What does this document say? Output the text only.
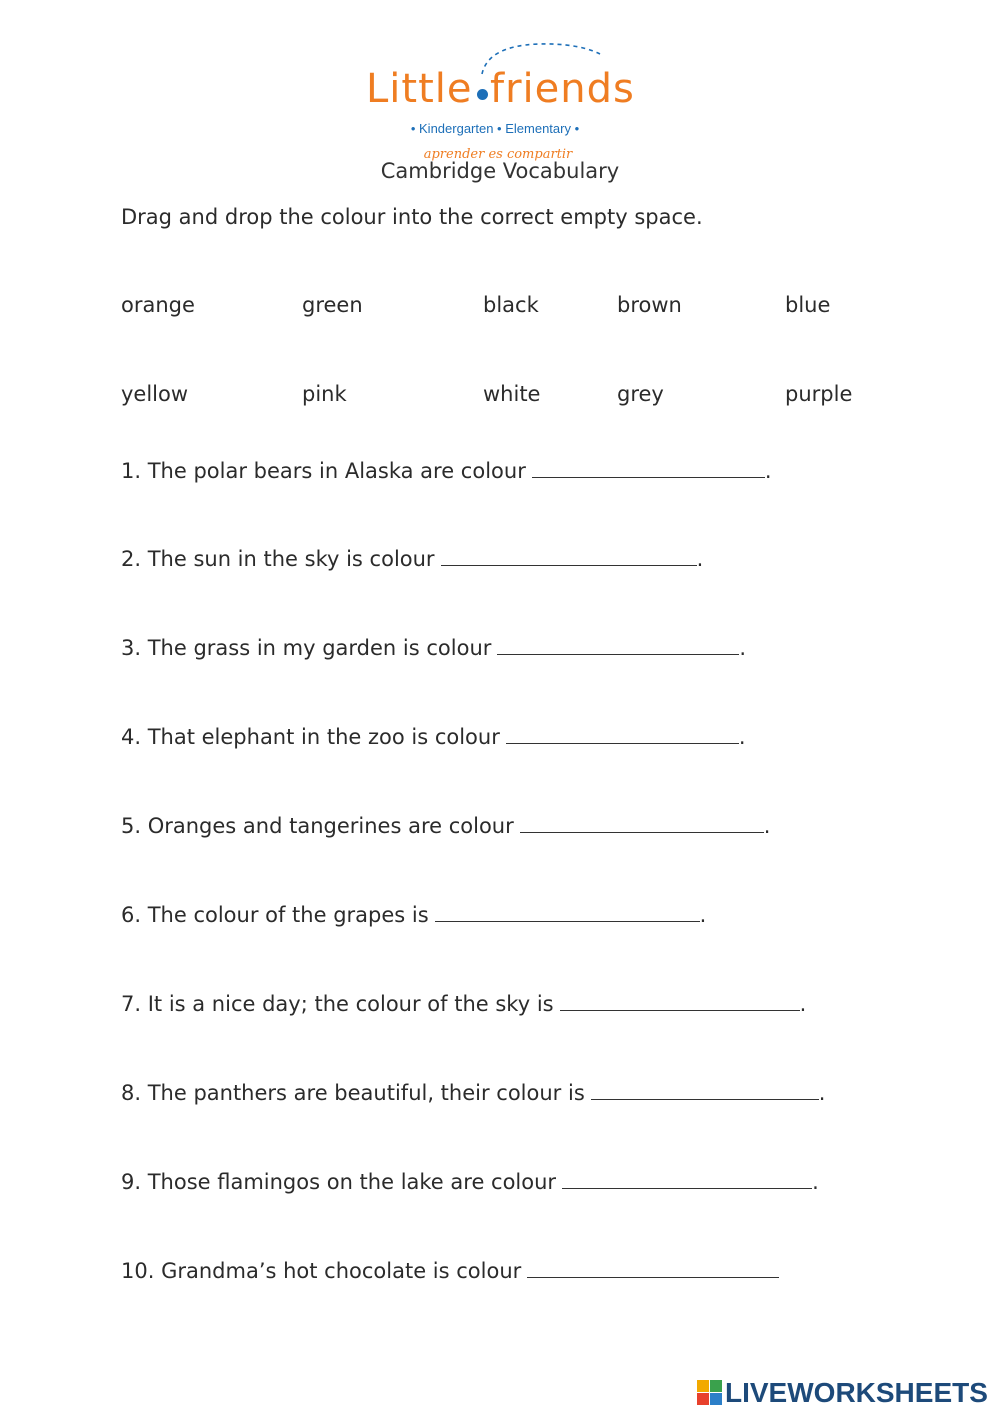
Little friends
• Kindergarten • Elementary •
aprender es compartir
Cambridge Vocabulary
Drag and drop the colour into the correct empty space.
orange	green	black	brown	blue
yellow	pink	white	grey	purple
1. The polar bears in Alaska are colour	.
2. The sun in the sky is colour	.
3. The grass in my garden is colour	.
4. That elephant in the zoo is colour	.
5. Oranges and tangerines are colour	.
6. The colour of the grapes is	.
7. It is a nice day; the colour of the sky is	.
8. The panthers are beautiful, their colour is	.
9. Those flamingos on the lake are colour	.
10. Grandma’s hot chocolate is colour
LIVEWORKSHEETS
